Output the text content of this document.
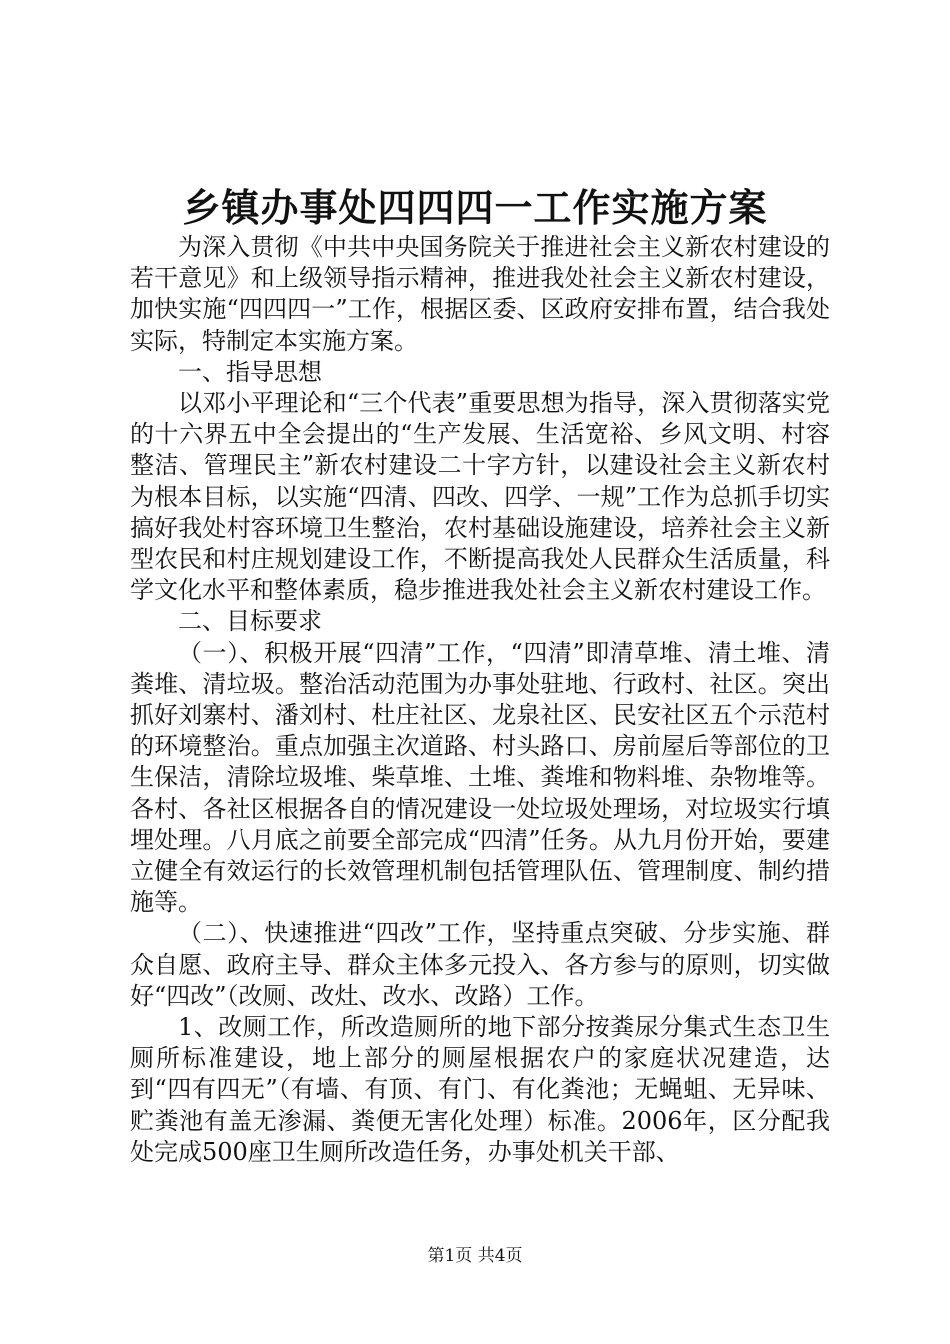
乡镇办事处四四四一工作实施方案

为深入贯彻《中共中央国务院关于推进社会主义新农村建设的若干意见》和上级领导指示精神，推进我处社会主义新农村建设，加快实施“四四四一”工作，根据区委、区政府安排布置，结合我处实际，特制定本实施方案。

一、指导思想

以邓小平理论和“三个代表”重要思想为指导，深入贯彻落实党的十六界五中全会提出的“生产发展、生活宽裕、乡风文明、村容整洁、管理民主”新农村建设二十字方针，以建设社会主义新农村为根本目标，以实施“四清、四改、四学、一规”工作为总抓手切实搞好我处村容环境卫生整治，农村基础设施建设，培养社会主义新型农民和村庄规划建设工作，不断提高我处人民群众生活质量，科学文化水平和整体素质，稳步推进我处社会主义新农村建设工作。

二、目标要求

（一）、积极开展“四清”工作，“四清”即清草堆、清土堆、清粪堆、清垃圾。整治活动范围为办事处驻地、行政村、社区。突出抓好刘寨村、潘刘村、杜庄社区、龙泉社区、民安社区五个示范村的环境整治。重点加强主次道路、村头路口、房前屋后等部位的卫生保洁，清除垃圾堆、柴草堆、土堆、粪堆和物料堆、杂物堆等。各村、各社区根据各自的情况建设一处垃圾处理场，对垃圾实行填埋处理。八月底之前要全部完成“四清”任务。从九月份开始，要建立健全有效运行的长效管理机制包括管理队伍、管理制度、制约措施等。

（二）、快速推进“四改”工作，坚持重点突破、分步实施、群众自愿、政府主导、群众主体多元投入、各方参与的原则，切实做好“四改”（改厕、改灶、改水、改路）工作。

1、改厕工作，所改造厕所的地下部分按粪尿分集式生态卫生厕所标准建设，地上部分的厕屋根据农户的家庭状况建造，达到“四有四无”（有墙、有顶、有门、有化粪池；无蝇蛆、无异味、贮粪池有盖无渗漏、粪便无害化处理）标准。2006年，区分配我处完成500座卫生厕所改造任务，办事处机关干部、

第1页 共4页
